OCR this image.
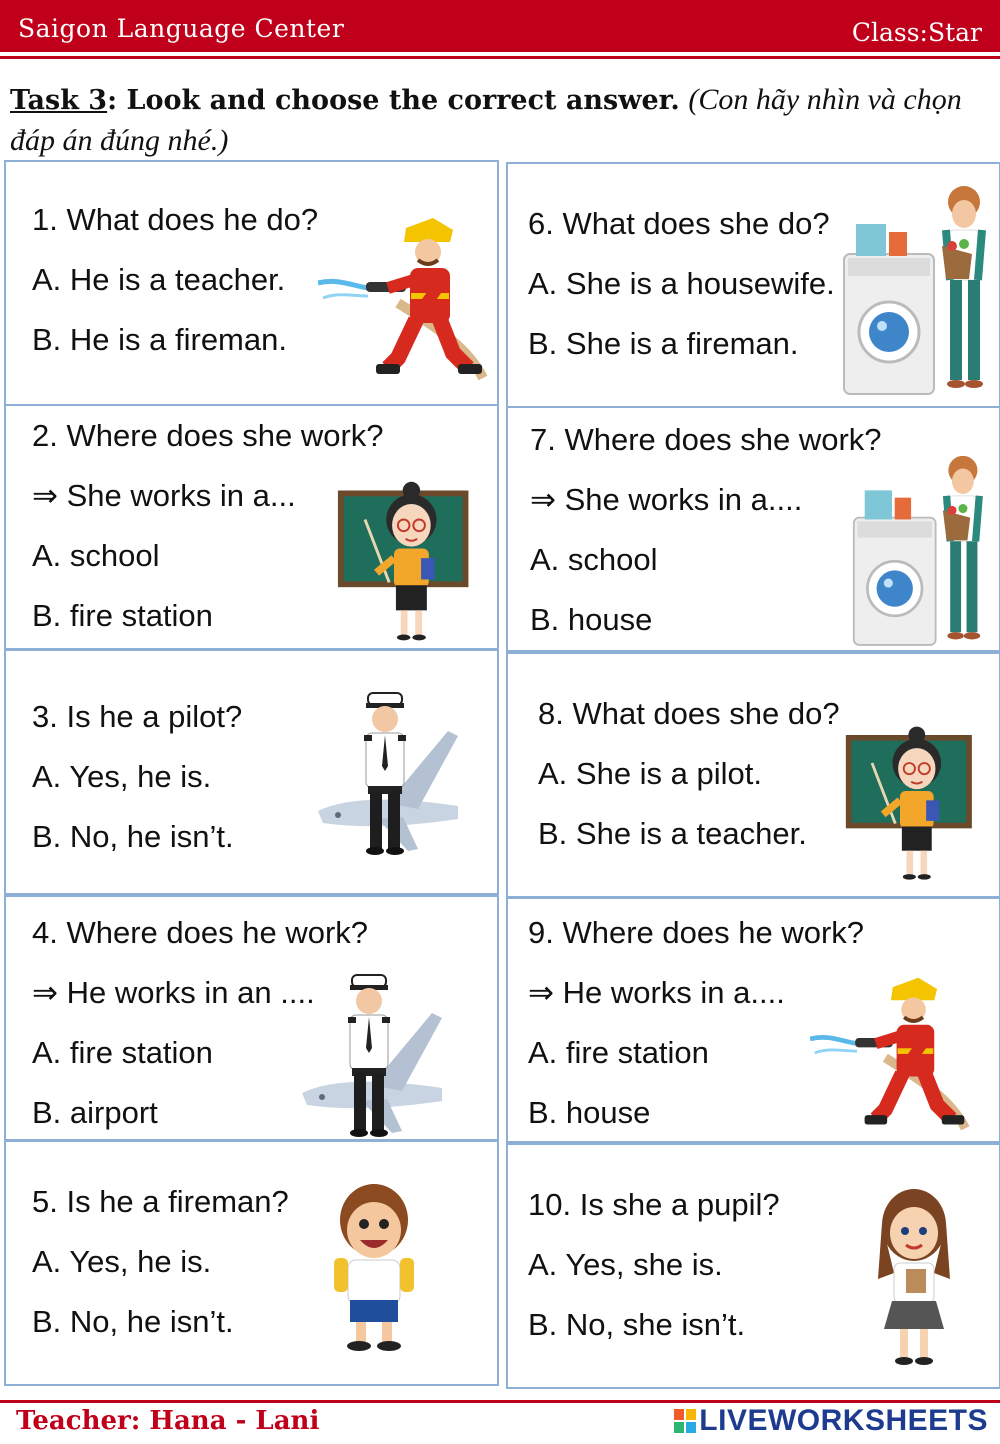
Saigon Language Center	Class:Star
Task 3: Look and choose the correct answer. (Con hãy nhìn và chọn đáp án đúng nhé.)
1. What does he do?
A. He is a teacher.
B. He is a fireman.
2. Where does she work?
⇒ She works in a...
A. school
B. fire station
3. Is he a pilot?
A. Yes, he is.
B. No, he isn’t.
4. Where does he work?
⇒ He works in an ....
A. fire station
B. airport
5. Is he a fireman?
A. Yes, he is.
B. No, he isn’t.
6. What does she do?
A. She is a housewife.
B. She is a fireman.
7. Where does she work?
⇒ She works in a....
A. school
B. house
8. What does she do?
A. She is a pilot.
B. She is a teacher.
9. Where does he work?
⇒ He works in a....
A. fire station
B. house
10. Is she a pupil?
A. Yes, she is.
B. No, she isn’t.
Teacher: Hana - Lani	LIVEWORKSHEETS
